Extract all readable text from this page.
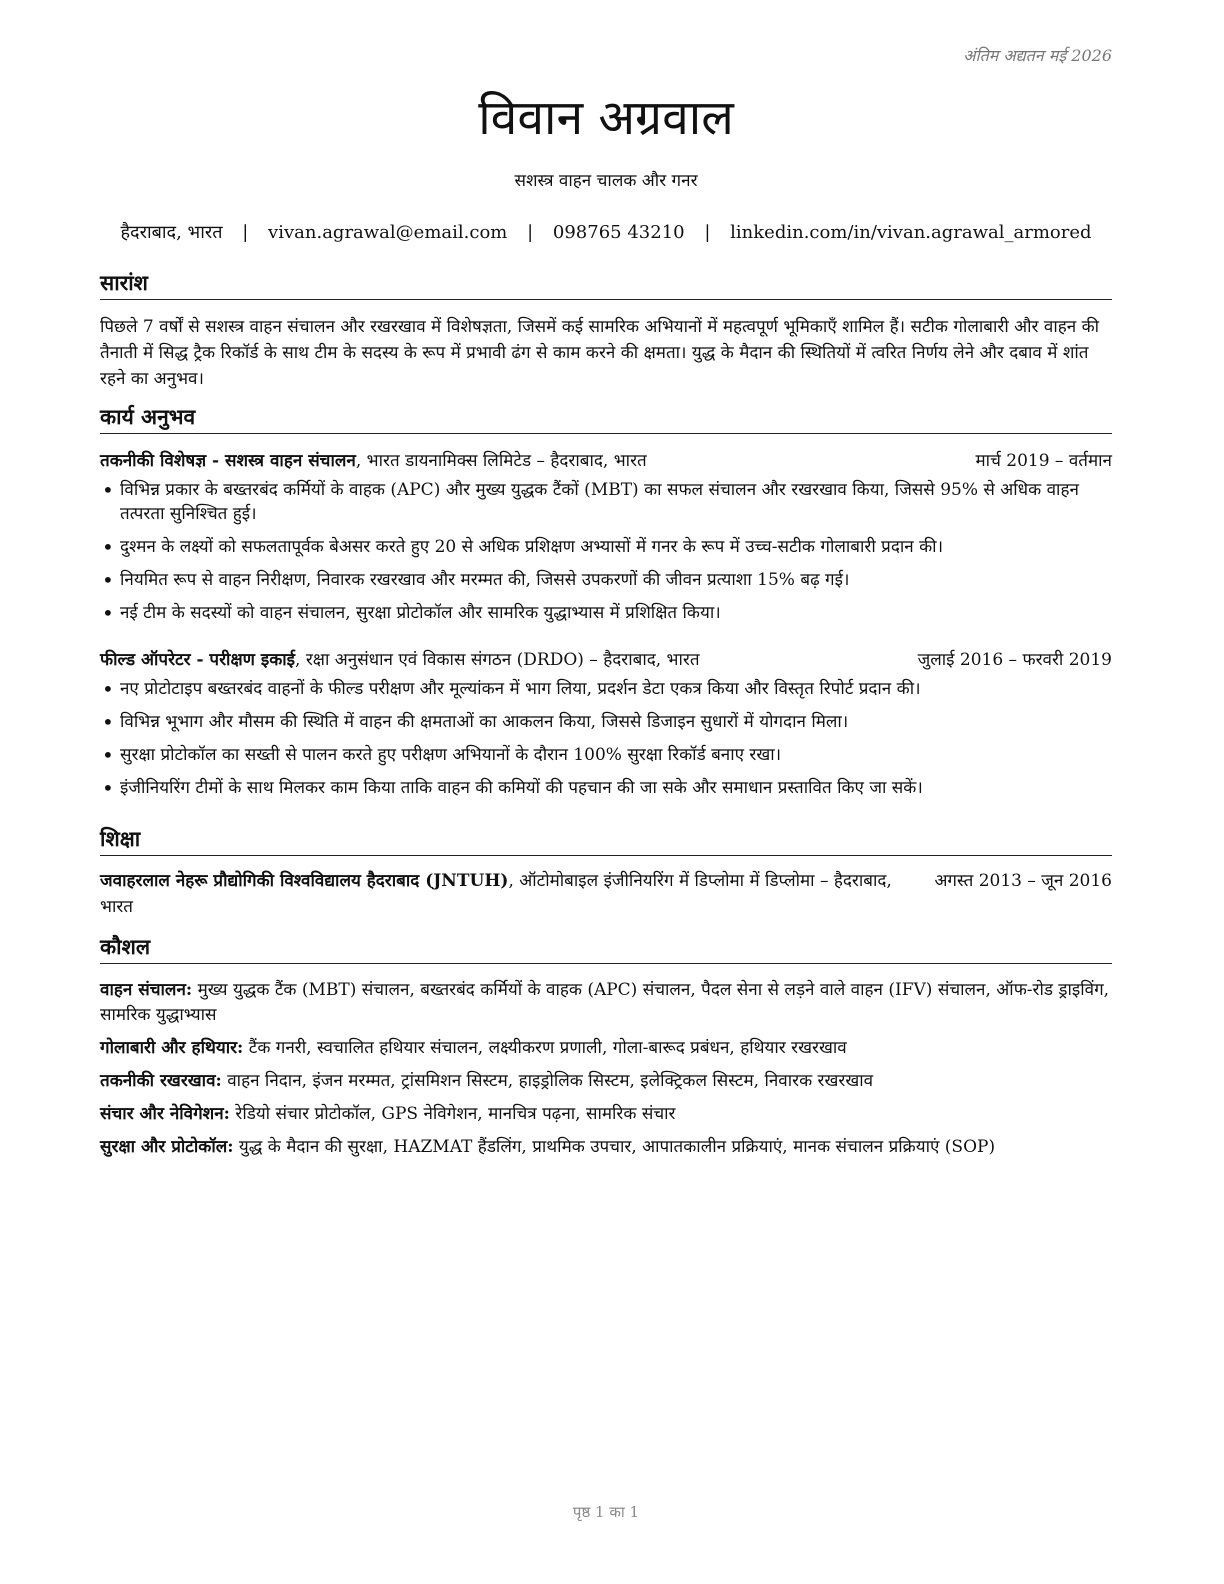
अंतिम अद्यतन मई 2026
विवान अग्रवाल
सशस्त्र वाहन चालक और गनर
हैदराबाद, भारत | vivan.agrawal@email.com | 098765 43210 | linkedin.com/in/vivan.agrawal_armored
सारांश
पिछले 7 वर्षों से सशस्त्र वाहन संचालन और रखरखाव में विशेषज्ञता, जिसमें कई सामरिक अभियानों में महत्वपूर्ण भूमिकाएँ शामिल हैं। सटीक गोलाबारी और वाहन की तैनाती में सिद्ध ट्रैक रिकॉर्ड के साथ टीम के सदस्य के रूप में प्रभावी ढंग से काम करने की क्षमता। युद्ध के मैदान की स्थितियों में त्वरित निर्णय लेने और दबाव में शांत रहने का अनुभव।
कार्य अनुभव
तकनीकी विशेषज्ञ - सशस्त्र वाहन संचालन, भारत डायनामिक्स लिमिटेड – हैदराबाद, भारत	मार्च 2019 – वर्तमान
• विभिन्न प्रकार के बख्तरबंद कर्मियों के वाहक (APC) और मुख्य युद्धक टैंकों (MBT) का सफल संचालन और रखरखाव किया, जिससे 95% से अधिक वाहन तत्परता सुनिश्चित हुई।
• दुश्मन के लक्ष्यों को सफलतापूर्वक बेअसर करते हुए 20 से अधिक प्रशिक्षण अभ्यासों में गनर के रूप में उच्च-सटीक गोलाबारी प्रदान की।
• नियमित रूप से वाहन निरीक्षण, निवारक रखरखाव और मरम्मत की, जिससे उपकरणों की जीवन प्रत्याशा 15% बढ़ गई।
• नई टीम के सदस्यों को वाहन संचालन, सुरक्षा प्रोटोकॉल और सामरिक युद्धाभ्यास में प्रशिक्षित किया।
फील्ड ऑपरेटर - परीक्षण इकाई, रक्षा अनुसंधान एवं विकास संगठन (DRDO) – हैदराबाद, भारत	जुलाई 2016 – फरवरी 2019
• नए प्रोटोटाइप बख्तरबंद वाहनों के फील्ड परीक्षण और मूल्यांकन में भाग लिया, प्रदर्शन डेटा एकत्र किया और विस्तृत रिपोर्ट प्रदान की।
• विभिन्न भूभाग और मौसम की स्थिति में वाहन की क्षमताओं का आकलन किया, जिससे डिजाइन सुधारों में योगदान मिला।
• सुरक्षा प्रोटोकॉल का सख्ती से पालन करते हुए परीक्षण अभियानों के दौरान 100% सुरक्षा रिकॉर्ड बनाए रखा।
• इंजीनियरिंग टीमों के साथ मिलकर काम किया ताकि वाहन की कमियों की पहचान की जा सके और समाधान प्रस्तावित किए जा सकें।
शिक्षा
जवाहरलाल नेहरू प्रौद्योगिकी विश्वविद्यालय हैदराबाद (JNTUH), ऑटोमोबाइल इंजीनियरिंग में डिप्लोमा में डिप्लोमा – हैदराबाद, भारत
अगस्त 2013 – जून 2016
कौशल
वाहन संचालन: मुख्य युद्धक टैंक (MBT) संचालन, बख्तरबंद कर्मियों के वाहक (APC) संचालन, पैदल सेना से लड़ने वाले वाहन (IFV) संचालन, ऑफ-रोड ड्राइविंग, सामरिक युद्धाभ्यास
गोलाबारी और हथियार: टैंक गनरी, स्वचालित हथियार संचालन, लक्ष्यीकरण प्रणाली, गोला-बारूद प्रबंधन, हथियार रखरखाव
तकनीकी रखरखाव: वाहन निदान, इंजन मरम्मत, ट्रांसमिशन सिस्टम, हाइड्रोलिक सिस्टम, इलेक्ट्रिकल सिस्टम, निवारक रखरखाव
संचार और नेविगेशन: रेडियो संचार प्रोटोकॉल, GPS नेविगेशन, मानचित्र पढ़ना, सामरिक संचार
सुरक्षा और प्रोटोकॉल: युद्ध के मैदान की सुरक्षा, HAZMAT हैंडलिंग, प्राथमिक उपचार, आपातकालीन प्रक्रियाएं, मानक संचालन प्रक्रियाएं (SOP)
पृष्ठ 1 का 1
